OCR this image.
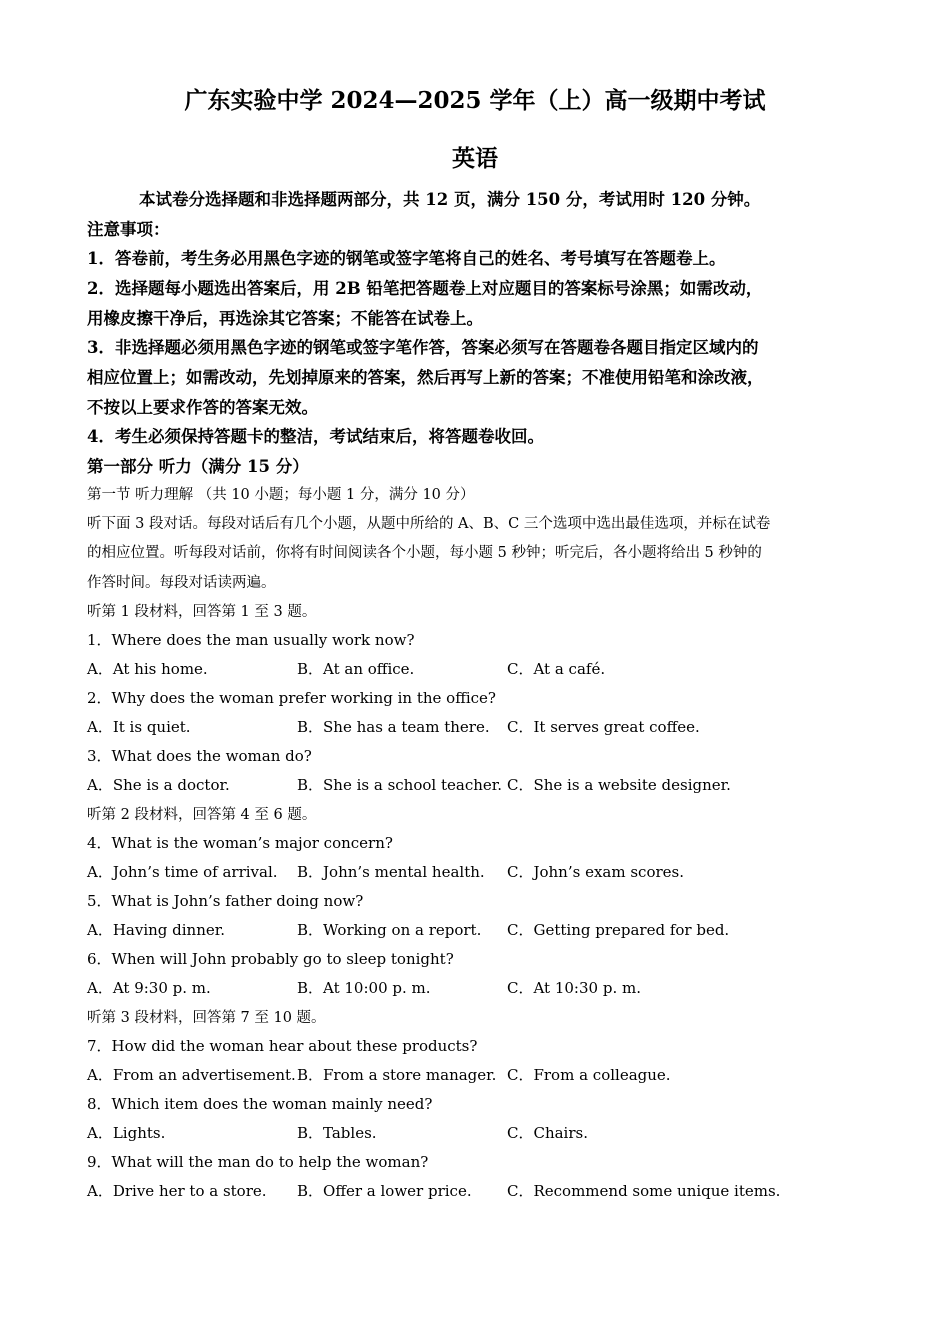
广东实验中学 2024—2025 学年（上）高一级期中考试
英语
本试卷分选择题和非选择题两部分，共 12 页，满分 150 分，考试用时 120 分钟。
注意事项：
1．答卷前，考生务必用黑色字迹的钢笔或签字笔将自己的姓名、考号填写在答题卷上。
2．选择题每小题选出答案后，用 2B 铅笔把答题卷上对应题目的答案标号涂黑；如需改动，
用橡皮擦干净后，再选涂其它答案；不能答在试卷上。
3．非选择题必须用黑色字迹的钢笔或签字笔作答，答案必须写在答题卷各题目指定区域内的
相应位置上；如需改动，先划掉原来的答案，然后再写上新的答案；不准使用铅笔和涂改液，
不按以上要求作答的答案无效。
4．考生必须保持答题卡的整洁，考试结束后，将答题卷收回。
第一部分 听力（满分 15 分）
第一节 听力理解 （共 10 小题；每小题 1 分，满分 10 分）
听下面 3 段对话。每段对话后有几个小题，从题中所给的 A、B、C 三个选项中选出最佳选项，并标在试卷
的相应位置。听每段对话前，你将有时间阅读各个小题，每小题 5 秒钟；听完后，各小题将给出 5 秒钟的
作答时间。每段对话读两遍。
听第 1 段材料，回答第 1 至 3 题。
1．Where does the man usually work now?
A．At his home.	B．At an office.	C．At a café.
2．Why does the woman prefer working in the office?
A．It is quiet.	B．She has a team there. C．It serves great coffee.
3．What does the woman do?
A．She is a doctor.	B．She is a school teacher. C．She is a website designer.
听第 2 段材料，回答第 4 至 6 题。
4．What is the woman’s major concern?
A．John’s time of arrival. B．John’s mental health. C．John’s exam scores.
5．What is John’s father doing now?
A．Having dinner.	B．Working on a report. C．Getting prepared for bed.
6．When will John probably go to sleep tonight?
A．At 9:30 p. m.	B．At 10:00 p. m.	C．At 10:30 p. m.
听第 3 段材料，回答第 7 至 10 题。
7．How did the woman hear about these products?
A．From an advertisement. B．From a store manager. C．From a colleague.
8．Which item does the woman mainly need?
A．Lights.	B．Tables.	C．Chairs.
9．What will the man do to help the woman?
A．Drive her to a store. B．Offer a lower price. C．Recommend some unique items.
